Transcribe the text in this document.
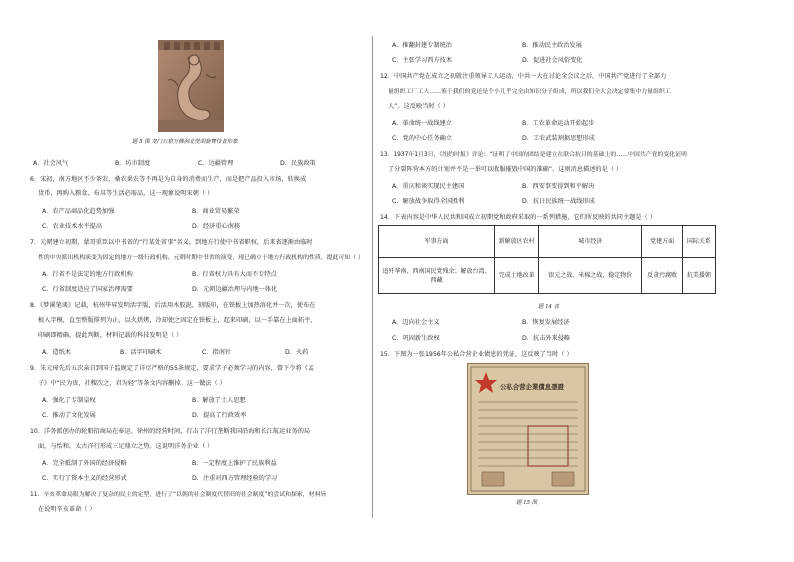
题 5 图 龙门石窟万佛洞北壁胡旋舞伎者形象
A．社会风气	B．坊市制度	C．边疆管理	D．民族政策
6．宋初，南方地区不少茶农、桑农果农等不再是为自身的消费而生产，而是把产品投入市场，转换成
货币，再购入粮食、布帛等生活必需品，这一现象说明宋朝（ ）
A．农产品商品化趋势加强	B．商业贸易繁荣
C．农业技术水平提高	D．经济重心南移
7．元朝建立初期，蒙哥重臣以中书省的“行某处省事”名义，到地方行使中书省职权，后来省逐渐由临时
性的中央派出机构演变为固定的地方一级行政机构。元朝时期中书省的演变，现已确立于地方行政机构的性质，提此可知（ ）
A．行省不是法定的地方行政机构	B．行省权力具有大而不专特点
C．行省制度适应了国家治理需要	D．元朝边疆治理与内地一体化
8．《梦溪笔谈》记载，杭州毕昇发明活字版，后活用木胶泥，刻版印，在铁板上加热溶化并一次，使布在
植入字模，直至整版排列为止，以火烘烤，冷却使之固定在铁板上，起来印刷，以一手靠在上面拓平，
印刷即精确。提此判断，材料记载的科技发明是（ ）
A．造纸术	B．活字印刷术	C．指南针	D．火药
9．朱元璋先后五次亲自到国子监规定了详尽严格的55条规定，要求学子必须学习的内容，曾下令将《孟
子》中“民为贵，社稷次之，君为轻”等条文内容删掉。这一做法（ ）
A．强化了专制皇权	B．解放了士人思想
C．推动了文化发展	D．提高了行政效率
10．洋务派创办的轮船招商局在奉运、徐州的经营时间，打击了洋行垄断我国沿海和长江航运业务的局
面，与怡和、太古洋行形成三足鼎立之势。这说明洋务企业（ ）
A．完全抵制了外国的经济侵略	B．一定程度上维护了民族利益
C．实行了资本主义的经营形式	D．注重对西方管理经验的学习
11．辛亥革命局限为解决了复杂的民主的定型，进行了“以朝的社会制度代替旧的社会制度”的尝试和探索，材料旨
在说明辛亥革命（ ）
A．推翻封建专制统治	B．推动民主政治发展
C．主张学习西方技术	D．促进社会风俗变化
12．中国共产党在成立之初就注重领导工人运动，中共一大在讨论全会议之后，中国共产党进行了全部力
量组织工厂工人……鉴于我们的党还是个小几乎完全由知识分子组成，所以我们全大会决定要集中力量组织工
人”。这反映当时（ ）
A．革命统一战线建立	B．工农革命运动开始起步
C．党的中心任务确立	D．工农武装割据思想形成
13．1937年1月3日，《纽约时报》评论：“证明了中国的团结是建立在联合抗日的基础上的……中国共产党的变化证明
了分裂阵营本方的计划并不是一举可以收服摧毁中国的准确”。这则消息描述的是（ ）
A．重庆和谈实现民主建国	B．西安事变得到和平解决
C．解放战争取得全国胜利	D．抗日民族统一战线形成
14．下表内容是中华人民共和国成立初期党和政府采取的一系列措施，它们所反映的共同主题是（ ）
军事方面	新解放区农村	城市经济	党建方面	国际关系
追歼华南、西南国民党残余；解放台湾、西藏	完成土地改革	银元之战、米棉之战，稳定物价	反贪污腐败	抗美援朝
题 14 表
A．迈向社会主义	B．恢复发展经济
C．巩固新生政权	D．抗击外来侵略
15．下图为一张1956年公私合营企业债息的凭证，这反映了当时（ ）
公私合营企業債息憑證
题 15 图
